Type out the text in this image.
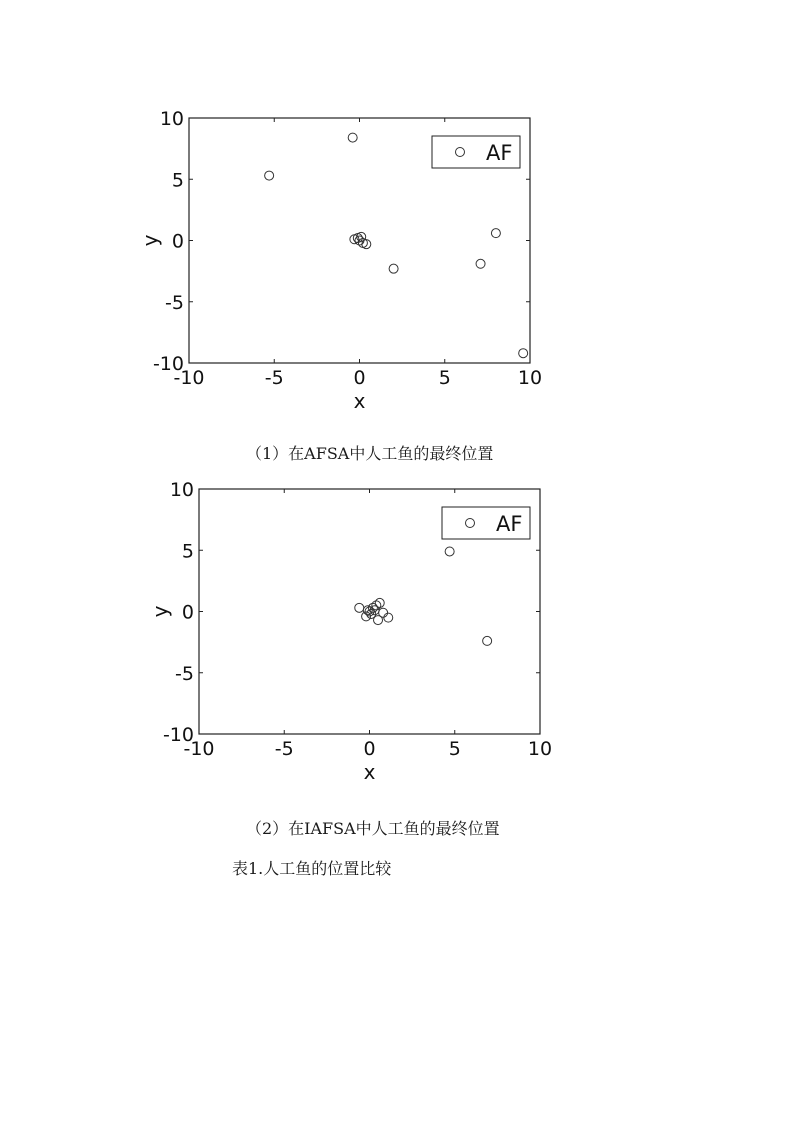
-10	-5	0	5	10
10
5
0
-5
-10
x
y
AF
（1）在AFSA中人工鱼的最终位置
-10	-5	0	5	10
10
5
0
-5
-10
x
y
AF
（2）在IAFSA中人工鱼的最终位置
表1.人工鱼的位置比较
